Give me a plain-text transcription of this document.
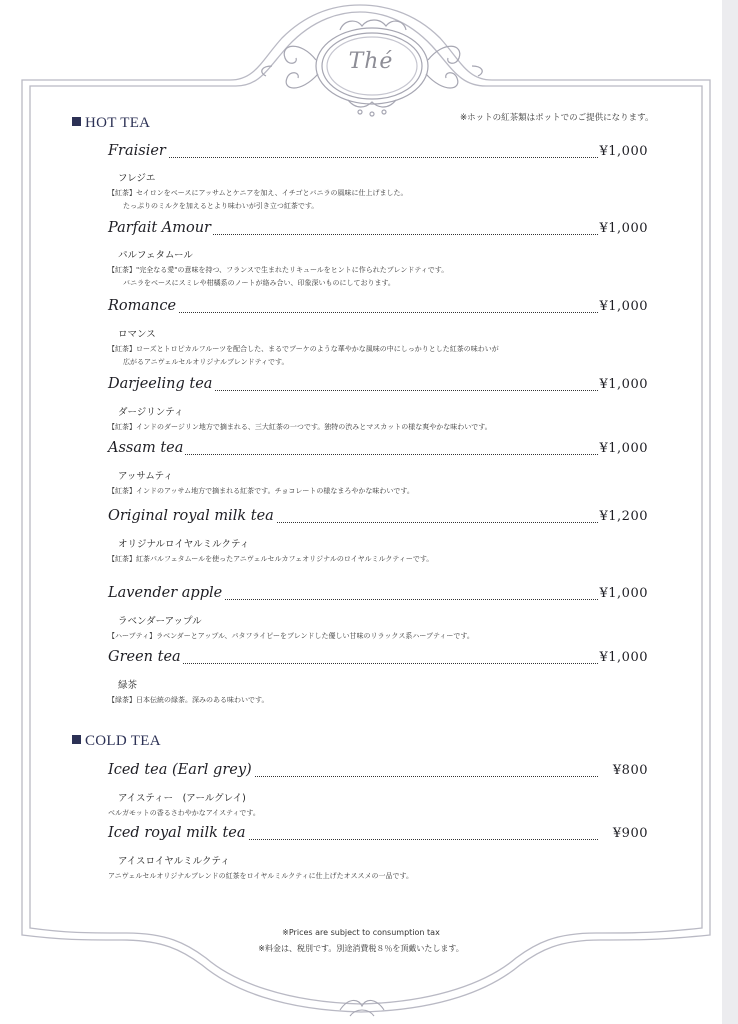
Thé
※ホットの紅茶類はポットでのご提供になります。
HOT TEA
Fraisier	¥1,000
フレジエ
【紅茶】セイロンをベースにアッサムとケニアを加え、イチゴとバニラの風味に仕上げました。
たっぷりのミルクを加えるとより味わいが引き立つ紅茶です。
Parfait Amour	¥1,000
パルフェタムール
【紅茶】"完全なる愛"の意味を持つ、フランスで生まれたリキュールをヒントに作られたブレンドティです。
バニラをベースにスミレや柑橘系のノートが絡み合い、印象深いものにしております。
Romance	¥1,000
ロマンス
【紅茶】ローズとトロピカルフルーツを配合した、まるでブーケのような華やかな風味の中にしっかりとした紅茶の味わいが
広がるアニヴェルセルオリジナルブレンドティです。
Darjeeling tea	¥1,000
ダージリンティ
【紅茶】インドのダージリン地方で摘まれる、三大紅茶の一つです。独特の渋みとマスカットの様な爽やかな味わいです。
Assam tea	¥1,000
アッサムティ
【紅茶】インドのアッサム地方で摘まれる紅茶です。チョコレートの様なまろやかな味わいです。
Original royal milk tea	¥1,200
オリジナルロイヤルミルクティ
【紅茶】紅茶パルフェタムールを使ったアニヴェルセルカフェオリジナルのロイヤルミルクティーです。
Lavender apple	¥1,000
ラベンダーアップル
【ハーブティ】ラベンダーとアップル、パタフライピーをブレンドした優しい甘味のリラックス系ハーブティーです。
Green tea	¥1,000
緑茶
【緑茶】日本伝統の緑茶。深みのある味わいです。
COLD TEA
Iced tea (Earl grey)	¥800
アイスティー　(アールグレイ)
ベルガモットの香るさわやかなアイスティです。
Iced royal milk tea	¥900
アイスロイヤルミルクティ
アニヴェルセルオリジナルブレンドの紅茶をロイヤルミルクティに仕上げたオススメの一品です。
※Prices are subject to consumption tax
※料金は、税別です。別途消費税８％を頂戴いたします。
